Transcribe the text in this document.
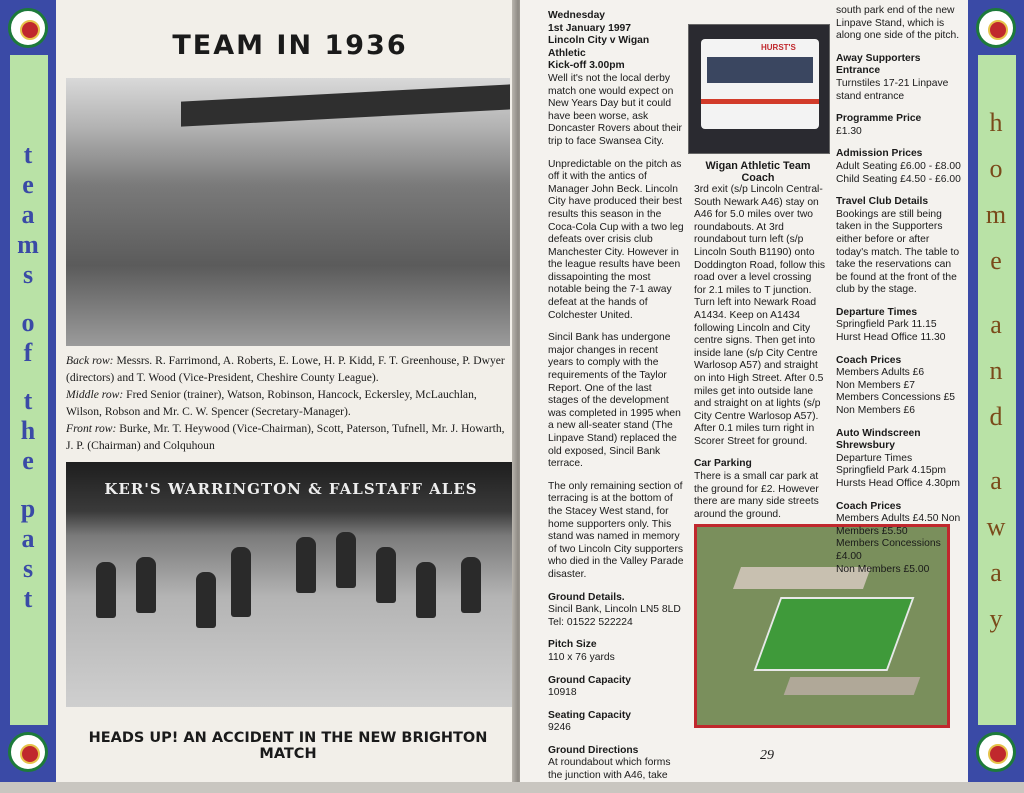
t
e
a
m
s
o
f
t
h
e
p
a
s
t
TEAM IN 1936
Back row: Messrs. R. Farrimond, A. Roberts, E. Lowe, H. P. Kidd, F. T. Greenhouse, P. Dwyer (directors) and T. Wood (Vice-President, Cheshire County League).
Middle row: Fred Senior (trainer), Watson, Robinson, Hancock, Eckersley, McLauchlan, Wilson, Robson and Mr. C. W. Spencer (Secretary-Manager).
Front row: Burke, Mr. T. Heywood (Vice-Chairman), Scott, Paterson, Tufnell, Mr. J. Howarth, J. P. (Chairman) and Colquhoun
KER'S WARRINGTON & FALSTAFF ALES
HEADS UP! AN ACCIDENT IN THE NEW BRIGHTON MATCH

Wednesday
1st January 1997
Lincoln City v Wigan Athletic
Kick-off 3.00pm

Well it's not the local derby match one would expect on New Years Day but it could have been worse, ask Doncaster Rovers about their trip to face Swansea City.

Unpredictable on the pitch as off it with the antics of Manager John Beck. Lincoln City have produced their best results this season in the Coca-Cola Cup with a two leg defeats over crisis club Manchester City. However in the league results have been dissapointing the most notable being the 7-1 away defeat at the hands of Colchester United.

Sincil Bank has undergone major changes in recent years to comply with the requirements of the Taylor Report. One of the last stages of the development was completed in 1995 when a new all-seater stand (The Linpave Stand) replaced the old exposed, Sincil Bank terrace.

The only remaining section of terracing is at the bottom of the Stacey West stand, for home supporters only. This stand was named in memory of two Lincoln City supporters who died in the Valley Parade disaster.

Ground Details.

Sincil Bank, Lincoln LN5 8LD
Tel: 01522 522224

Pitch Size

110 x 76 yards

Ground Capacity

10918

Seating Capacity

9246

Ground Directions

At roundabout which forms the junction with A46, take

HURST'S
Wigan Athletic Team Coach

3rd exit (s/p Lincoln Central-South Newark A46) stay on A46 for 5.0 miles over two roundabouts. At 3rd roundabout turn left (s/p Lincoln South B1190) onto Doddington Road, follow this road over a level crossing for 2.1 miles to T junction. Turn left into Newark Road A1434. Keep on A1434 following Lincoln and City centre signs. Then get into inside lane (s/p City Centre Warlosop A57) and straight on into High Street. After 0.5 miles get into outside lane and straight on at lights (s/p City Centre Warlosop A57). After 0.1 miles turn right in Scorer Street for ground.

Car Parking

There is a small car park at the ground for £2. However there are many side streets around the ground.

south park end of the new Linpave Stand, which is along one side of the pitch.

Away Supporters Entrance

Turnstiles 17-21 Linpave stand entrance

Programme Price

£1.30

Admission Prices

Adult Seating £6.00 - £8.00
Child Seating £4.50 - £6.00

Travel Club Details

Bookings are still being taken in the Supporters either before or after today's match. The table to take the reservations can be found at the front of the club by the stage.

Departure Times

Springfield Park 11.15
Hurst Head Office 11.30

Coach Prices

Members Adults £6
Non Members £7
Members Concessions £5
Non Members £6

Auto Windscreen Shrewsbury

Departure Times
Springfield Park 4.15pm
Hursts Head Office 4.30pm

Coach Prices

Members Adults £4.50 Non Members £5.50
Members Concessions £4.00
Non Members £5.00

29
h
o
m
e
a
n
d
a
w
a
y
